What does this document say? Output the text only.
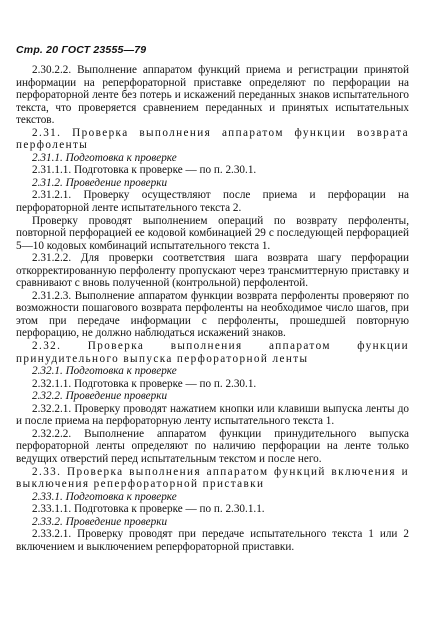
Стр. 20 ГОСТ 23555—79

2.30.2.2. Выполнение аппаратом функций приема и регистрации принятой информации на реперфораторной приставке определяют по перфорации на перфораторной ленте без потерь и искажений переданных знаков испытательного текста, что проверяется сравнением переданных и принятых испытательных текстов.

2.31. Проверка выполнения аппаратом функции возврата перфоленты

2.31.1. Подготовка к проверке

2.31.1.1. Подготовка к проверке — по п. 2.30.1.

2.31.2. Проведение проверки

2.31.2.1. Проверку осуществляют после приема и перфорации на перфораторной ленте испытательного текста 2.

Проверку проводят выполнением операций по возврату перфоленты, повторной перфорацией ее кодовой комбинацией 29 с последующей перфорацией 5—10 кодовых комбинаций испытательного текста 1.

2.31.2.2. Для проверки соответствия шага возврата шагу перфорации откорректированную перфоленту пропускают через трансмиттерную приставку и сравнивают с вновь полученной (контрольной) перфолентой.

2.31.2.3. Выполнение аппаратом функции возврата перфоленты проверяют по возможности пошагового возврата перфоленты на необходимое число шагов, при этом при передаче информации с перфоленты, прошедшей повторную перфорацию, не должно наблюдаться искажений знаков.

2.32. Проверка выполнения аппаратом функции принудительного выпуска перфораторной ленты

2.32.1. Подготовка к проверке

2.32.1.1. Подготовка к проверке — по п. 2.30.1.

2.32.2. Проведение проверки

2.32.2.1. Проверку проводят нажатием кнопки или клавиши выпуска ленты до и после приема на перфораторную ленту испытательного текста 1.

2.32.2.2. Выполнение аппаратом функции принудительного выпуска перфораторной ленты определяют по наличию перфорации на ленте только ведущих отверстий перед испытательным текстом и после него.

2.33. Проверка выполнения аппаратом функций включения и выключения реперфораторной приставки

2.33.1. Подготовка к проверке

2.33.1.1. Подготовка к проверке — по п. 2.30.1.1.

2.33.2. Проведение проверки

2.33.2.1. Проверку проводят при передаче испытательного текста 1 или 2 включением и выключением реперфораторной приставки.
